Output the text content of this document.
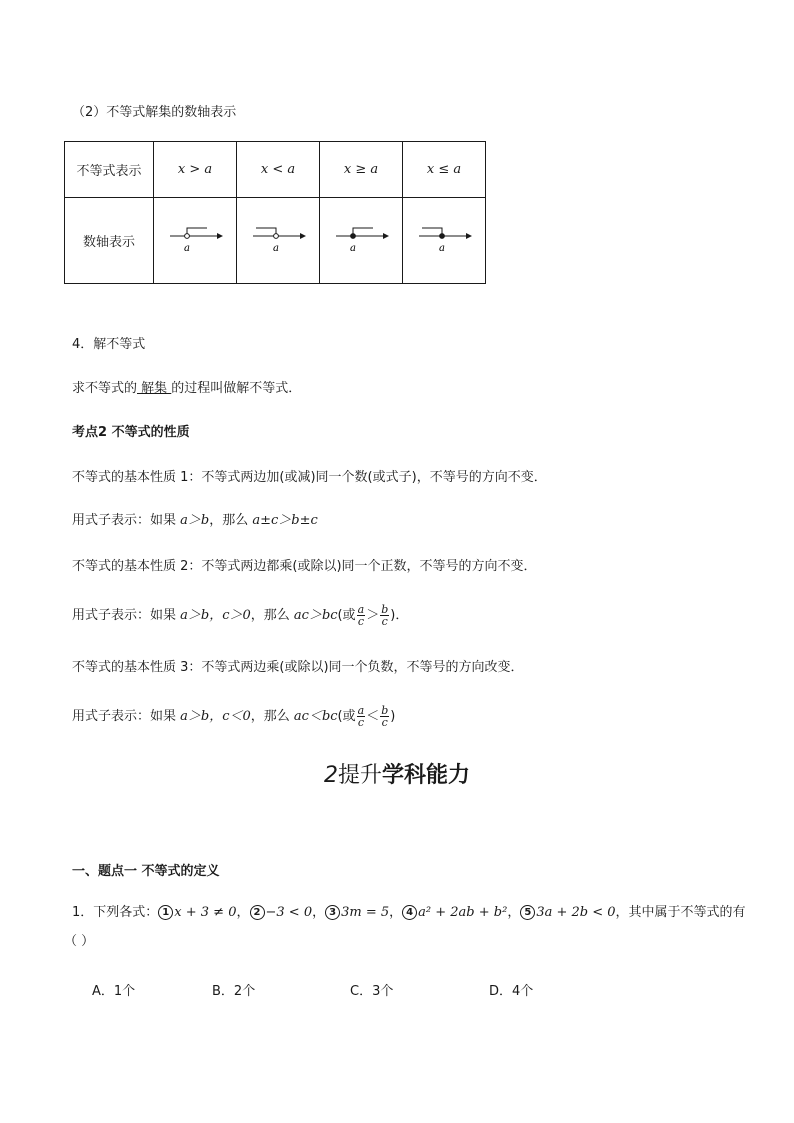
（2）不等式解集的数轴表示
不等式表示	x > a	x < a	x ≥ a	x ≤ a
数轴表示	a	a	a	a
4．解不等式
求不等式的 解集 的过程叫做解不等式．
考点2 不等式的性质
不等式的基本性质 1：不等式两边加(或减)同一个数(或式子)，不等号的方向不变．
用式子表示：如果 a＞b，那么 a±c＞b±c
不等式的基本性质 2：不等式两边都乘(或除以)同一个正数，不等号的方向不变．
用式子表示：如果 a＞b，c＞0，那么 ac＞bc(或 $\frac{a}{c} > \frac{b}{c}$ )．
不等式的基本性质 3：不等式两边乘(或除以)同一个负数，不等号的方向改变．
用式子表示：如果 a＞b，c＜0，那么 ac＜bc(或 $\frac{a}{c} < \frac{b}{c}$ )
2提升学科能力
一、题点一 不等式的定义
1．下列各式： 1 x + 3 ≠ 0， 2 −3 < 0， 3 3m = 5， 4 a² + 2ab + b²， 5 3a + 2b < 0，其中属于不等式的有
（ ）
A．1个	B．2个	C．3个	D．4个
